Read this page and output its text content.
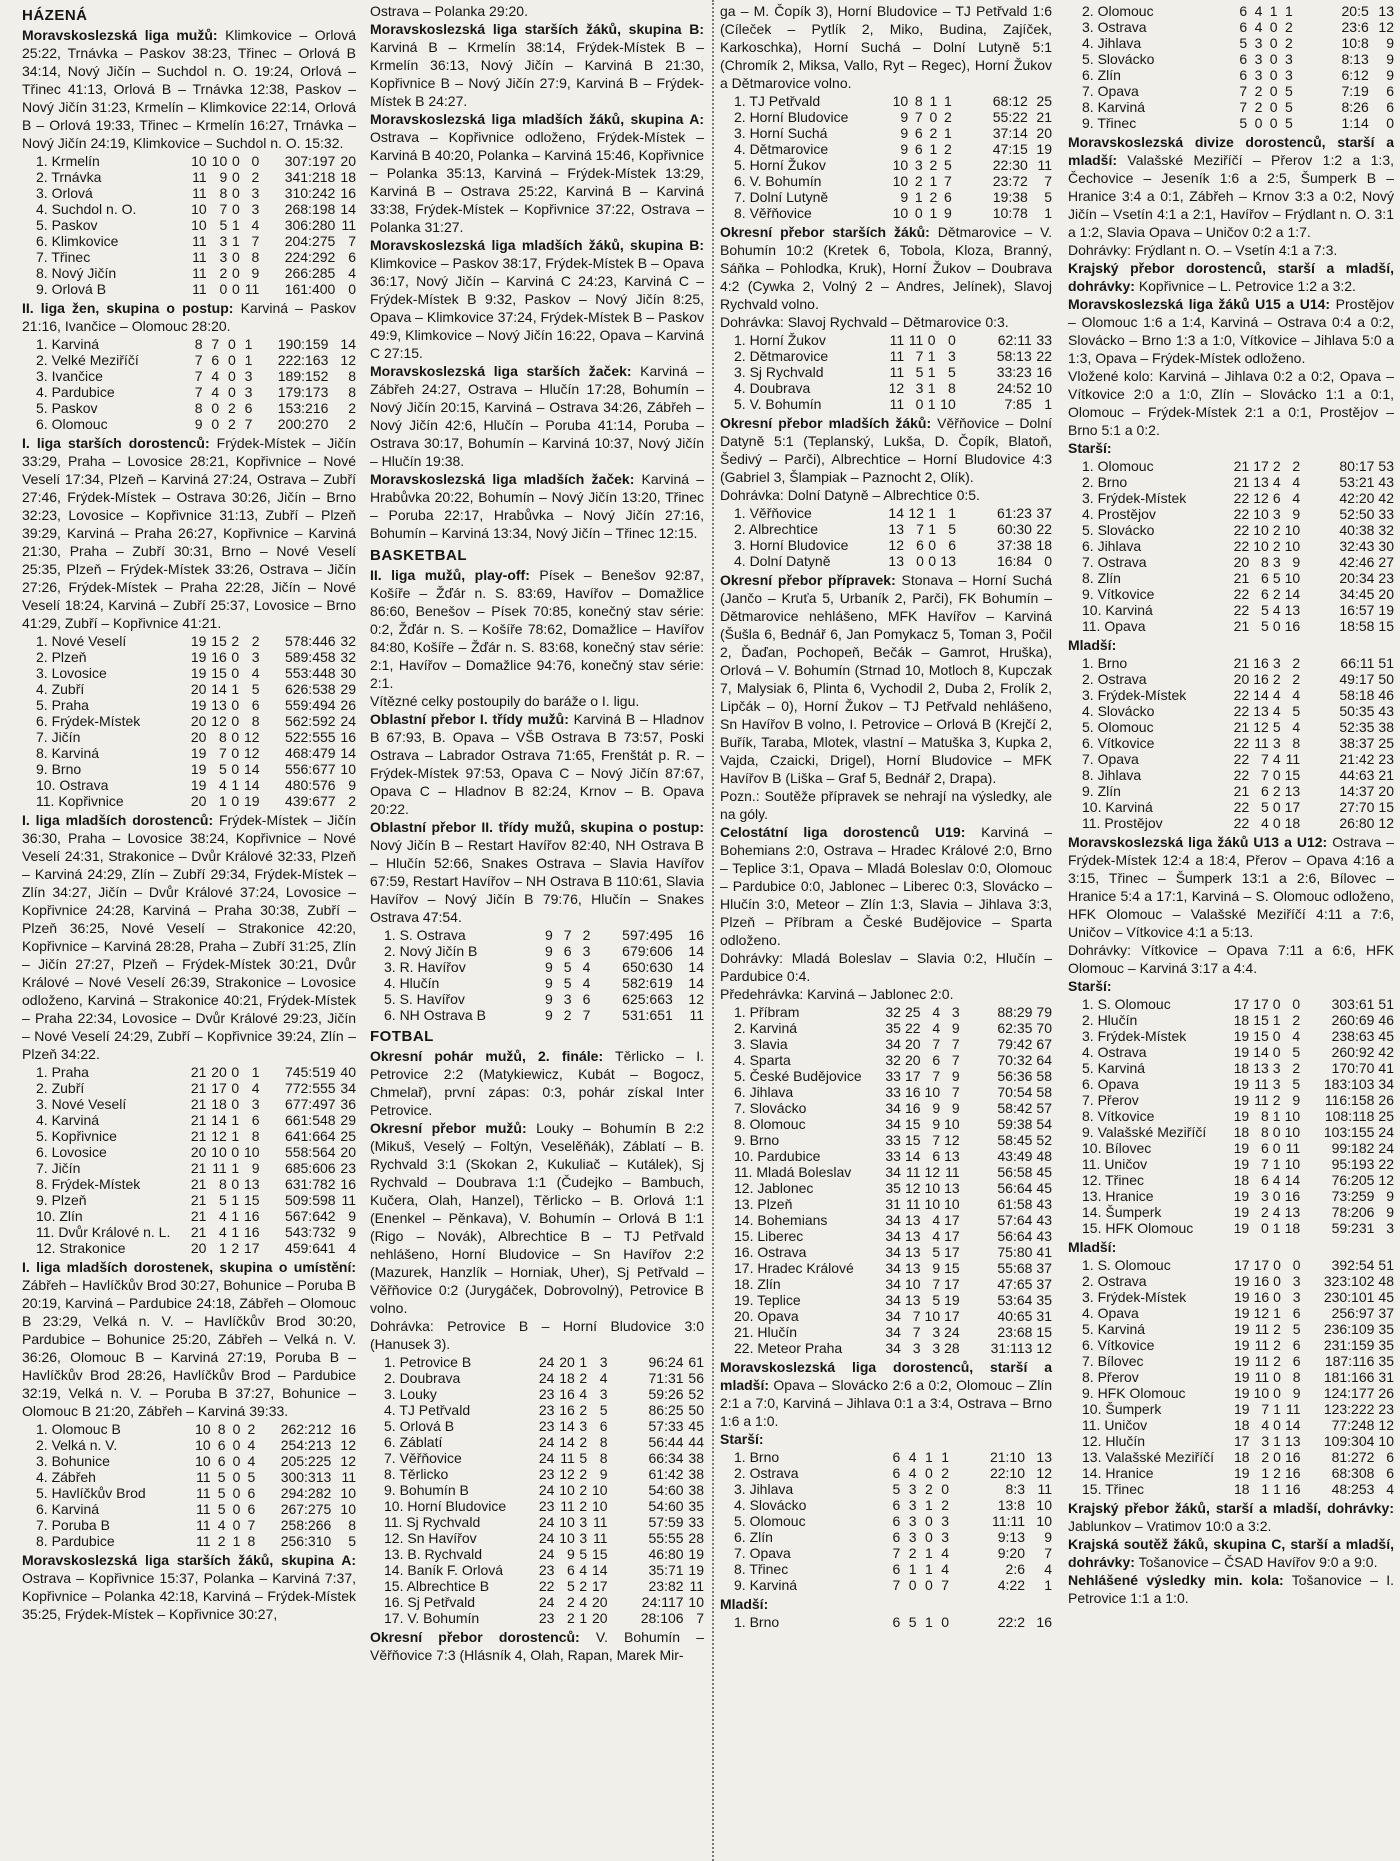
HÁZENÁ

Moravskoslezská liga mužů: Klimkovice – Orlová 25:22, Trnávka – Paskov 38:23, Třinec – Orlová B 34:14, Nový Jičín – Suchdol n. O. 19:24, Orlová – Třinec 41:13, Orlová B – Trnávka 12:38, Paskov – Nový Jičín 31:23, Krmelín – Klimkovice 22:14, Orlová B – Orlová 19:33, Třinec – Krmelín 16:27, Trnávka – Nový Jičín 24:19, Klimkovice – Suchdol n. O. 15:32.

1. Krmelín	10	10	0	0	307:197	20
2. Trnávka	11	9	0	2	341:218	18
3. Orlová	11	8	0	3	310:242	16
4. Suchdol n. O.	10	7	0	3	268:198	14
5. Paskov	10	5	1	4	306:280	11
6. Klimkovice	11	3	1	7	204:275	7
7. Třinec	11	3	0	8	224:292	6
8. Nový Jičín	11	2	0	9	266:285	4
9. Orlová B	11	0	0	11	161:400	0

II. liga žen, skupina o postup: Karviná – Paskov 21:16, Ivančice – Olomouc 28:20.

1. Karviná	8	7	0	1	190:159	14
2. Velké Meziříčí	7	6	0	1	222:163	12
3. Ivančice	7	4	0	3	189:152	8
4. Pardubice	7	4	0	3	179:173	8
5. Paskov	8	0	2	6	153:216	2
6. Olomouc	9	0	2	7	200:270	2

I. liga starších dorostenců: Frýdek-Místek – Jičín 33:29, Praha – Lovosice 28:21, Kopřivnice – Nové Veselí 17:34, Plzeň – Karviná 27:24, Ostrava – Zubří 27:46, Frýdek-Místek – Ostrava 30:26, Jičín – Brno 32:23, Lovosice – Kopřivnice 31:13, Zubří – Plzeň 39:29, Karviná – Praha 26:27, Kopřivnice – Karviná 21:30, Praha – Zubří 30:31, Brno – Nové Veselí 25:35, Plzeň – Frýdek-Místek 33:26, Ostrava – Jičín 27:26, Frýdek-Místek – Praha 22:28, Jičín – Nové Veselí 18:24, Karviná – Zubří 25:37, Lovosice – Brno 41:29, Zubří – Kopřivnice 41:21.

1. Nové Veselí	19	15	2	2	578:446	32
2. Plzeň	19	16	0	3	589:458	32
3. Lovosice	19	15	0	4	553:448	30
4. Zubří	20	14	1	5	626:538	29
5. Praha	19	13	0	6	559:494	26
6. Frýdek-Místek	20	12	0	8	562:592	24
7. Jičín	20	8	0	12	522:555	16
8. Karviná	19	7	0	12	468:479	14
9. Brno	19	5	0	14	556:677	10
10. Ostrava	19	4	1	14	480:576	9
11. Kopřivnice	20	1	0	19	439:677	2

I. liga mladších dorostenců: Frýdek-Místek – Jičín 36:30, Praha – Lovosice 38:24, Kopřivnice – Nové Veselí 24:31, Strakonice – Dvůr Králové 32:33, Plzeň – Karviná 24:29, Zlín – Zubří 29:34, Frýdek-Místek – Zlín 34:27, Jičín – Dvůr Králové 37:24, Lovosice – Kopřivnice 24:28, Karviná – Praha 30:38, Zubří – Plzeň 36:25, Nové Veselí – Strakonice 42:20, Kopřivnice – Karviná 28:28, Praha – Zubří 31:25, Zlín – Jičín 27:27, Plzeň – Frýdek-Místek 30:21, Dvůr Králové – Nové Veselí 26:39, Strakonice – Lovosice odloženo, Karviná – Strakonice 40:21, Frýdek-Místek – Praha 22:34, Lovosice – Dvůr Králové 29:23, Jičín – Nové Veselí 24:29, Zubří – Kopřivnice 39:24, Zlín – Plzeň 34:22.

1. Praha	21	20	0	1	745:519	40
2. Zubří	21	17	0	4	772:555	34
3. Nové Veselí	21	18	0	3	677:497	36
4. Karviná	21	14	1	6	661:548	29
5. Kopřivnice	21	12	1	8	641:664	25
6. Lovosice	20	10	0	10	558:564	20
7. Jičín	21	11	1	9	685:606	23
8. Frýdek-Místek	21	8	0	13	631:782	16
9. Plzeň	21	5	1	15	509:598	11
10. Zlín	21	4	1	16	567:642	9
11. Dvůr Králové n. L.	21	4	1	16	543:732	9
12. Strakonice	20	1	2	17	459:641	4

I. liga mladších dorostenek, skupina o umístění: Zábřeh – Havlíčkův Brod 30:27, Bohunice – Poruba B 20:19, Karviná – Pardubice 24:18, Zábřeh – Olomouc B 23:29, Velká n. V. – Havlíčkův Brod 30:20, Pardubice – Bohunice 25:20, Zábřeh – Velká n. V. 36:26, Olomouc B – Karviná 27:19, Poruba B – Havlíčkův Brod 28:26, Havlíčkův Brod – Pardubice 32:19, Velká n. V. – Poruba B 37:27, Bohunice – Olomouc B 21:20, Zábřeh – Karviná 39:33.

1. Olomouc B	10	8	0	2	262:212	16
2. Velká n. V.	10	6	0	4	254:213	12
3. Bohunice	10	6	0	4	205:225	12
4. Zábřeh	11	5	0	5	300:313	11
5. Havlíčkův Brod	11	5	0	6	294:282	10
6. Karviná	11	5	0	6	267:275	10
7. Poruba B	11	4	0	7	258:266	8
8. Pardubice	11	2	1	8	256:310	5

Moravskoslezská liga starších žáků, skupina A: Ostrava – Kopřivnice 15:37, Polanka – Karviná 7:37, Kopřivnice – Polanka 42:18, Karviná – Frýdek-Místek 35:25, Frýdek-Místek – Kopřivnice 30:27,

Ostrava – Polanka 29:20.

Moravskoslezská liga starších žáků, skupina B: Karviná B – Krmelín 38:14, Frýdek-Místek B – Krmelín 36:13, Nový Jičín – Karviná B 21:30, Kopřivnice B – Nový Jičín 27:9, Karviná B – Frýdek-Místek B 24:27.

Moravskoslezská liga mladších žáků, skupina A: Ostrava – Kopřivnice odloženo, Frýdek-Místek – Karviná B 40:20, Polanka – Karviná 15:46, Kopřivnice – Polanka 35:13, Karviná – Frýdek-Místek 13:29, Karviná B – Ostrava 25:22, Karviná B – Karviná 33:38, Frýdek-Místek – Kopřivnice 37:22, Ostrava – Polanka 31:27.

Moravskoslezská liga mladších žáků, skupina B: Klimkovice – Paskov 38:17, Frýdek-Místek B – Opava 36:17, Nový Jičín – Karviná C 24:23, Karviná C – Frýdek-Místek B 9:32, Paskov – Nový Jičín 8:25, Opava – Klimkovice 37:24, Frýdek-Místek B – Paskov 49:9, Klimkovice – Nový Jičín 16:22, Opava – Karviná C 27:15.

Moravskoslezská liga starších žaček: Karviná – Zábřeh 24:27, Ostrava – Hlučín 17:28, Bohumín – Nový Jičín 20:15, Karviná – Ostrava 34:26, Zábřeh – Nový Jičín 42:6, Hlučín – Poruba 41:14, Poruba – Ostrava 30:17, Bohumín – Karviná 10:37, Nový Jičín – Hlučín 19:38.

Moravskoslezská liga mladších žaček: Karviná – Hrabůvka 20:22, Bohumín – Nový Jičín 13:20, Třinec – Poruba 22:17, Hrabůvka – Nový Jičín 27:16, Bohumín – Karviná 13:34, Nový Jičín – Třinec 12:15.

BASKETBAL

II. liga mužů, play-off: Písek – Benešov 92:87, Košíře – Žďár n. S. 83:69, Havířov – Domažlice 86:60, Benešov – Písek 70:85, konečný stav série: 0:2, Žďár n. S. – Košíře 78:62, Domažlice – Havířov 84:80, Košíře – Žďár n. S. 83:68, konečný stav série: 2:1, Havířov – Domažlice 94:76, konečný stav série: 2:1.

Vítězné celky postoupily do baráže o I. ligu.

Oblastní přebor I. třídy mužů: Karviná B – Hladnov B 67:93, B. Opava – VŠB Ostrava B 73:57, Poski Ostrava – Labrador Ostrava 71:65, Frenštát p. R. – Frýdek-Místek 97:53, Opava C – Nový Jičín 87:67, Opava C – Hladnov B 82:24, Krnov – B. Opava 20:22.

Oblastní přebor II. třídy mužů, skupina o postup: Nový Jičín B – Restart Havířov 82:40, NH Ostrava B – Hlučín 52:66, Snakes Ostrava – Slavia Havířov 67:59, Restart Havířov – NH Ostrava B 110:61, Slavia Havířov – Nový Jičín B 79:76, Hlučín – Snakes Ostrava 47:54.

1. S. Ostrava	9	7	2		597:495	16
2. Nový Jičín B	9	6	3		679:606	14
3. R. Havířov	9	5	4		650:630	14
4. Hlučín	9	5	4		582:619	14
5. S. Havířov	9	3	6		625:663	12
6. NH Ostrava B	9	2	7		531:651	11
FOTBAL

Okresní pohár mužů, 2. finále: Těrlicko – I. Petrovice 2:2 (Matykiewicz, Kubát – Bogocz, Chmelař), první zápas: 0:3, pohár získal Inter Petrovice.

Okresní přebor mužů: Louky – Bohumín B 2:2 (Mikuš, Veselý – Foltýn, Veselěňák), Záblatí – B. Rychvald 3:1 (Skokan 2, Kukuliač – Kutálek), Sj Rychvald – Doubrava 1:1 (Čudejko – Bambuch, Kučera, Olah, Hanzel), Těrlicko – B. Orlová 1:1 (Enenkel – Pěnkava), V. Bohumín – Orlová B 1:1 (Rigo – Novák), Albrechtice B – TJ Petřvald nehlášeno, Horní Bludovice – Sn Havířov 2:2 (Mazurek, Hanzlík – Horniak, Uher), Sj Petřvald – Věřňovice 0:2 (Jurygáček, Dobrovolný), Petrovice B volno.

Dohrávka: Petrovice B – Horní Bludovice 3:0 (Hanusek 3).

1. Petrovice B	24	20	1	3	96:24	61
2. Doubrava	24	18	2	4	71:31	56
3. Louky	23	16	4	3	59:26	52
4. TJ Petřvald	23	16	2	5	86:25	50
5. Orlová B	23	14	3	6	57:33	45
6. Záblatí	24	14	2	8	56:44	44
7. Věřňovice	24	11	5	8	66:34	38
8. Těrlicko	23	12	2	9	61:42	38
9. Bohumín B	24	10	2	10	54:60	38
10. Horní Bludovice	23	11	2	10	54:60	35
11. Sj Rychvald	24	10	3	11	57:59	33
12. Sn Havířov	24	10	3	11	55:55	28
13. B. Rychvald	24	9	5	15	46:80	19
14. Baník F. Orlová	23	6	4	14	35:71	19
15. Albrechtice B	22	5	2	17	23:82	11
16. Sj Petřvald	24	2	4	20	24:117	10
17. V. Bohumín	23	2	1	20	28:106	7

Okresní přebor dorostenců: V. Bohumín – Věřňovice 7:3 (Hlásník 4, Olah, Rapan, Marek Mir-

ga – M. Čopík 3), Horní Bludovice – TJ Petřvald 1:6 (Cíleček – Pytlík 2, Miko, Budina, Zajíček, Karkoschka), Horní Suchá – Dolní Lutyně 5:1 (Chromík 2, Miksa, Vallo, Ryt – Regec), Horní Žukov a Dětmarovice volno.

1. TJ Petřvald	10	8	1	1	68:12	25
2. Horní Bludovice	9	7	0	2	55:22	21
3. Horní Suchá	9	6	2	1	37:14	20
4. Dětmarovice	9	6	1	2	47:15	19
5. Horní Žukov	10	3	2	5	22:30	11
6. V. Bohumín	10	2	1	7	23:72	7
7. Dolní Lutyně	9	1	2	6	19:38	5
8. Věřňovice	10	0	1	9	10:78	1

Okresní přebor starších žáků: Dětmarovice – V. Bohumín 10:2 (Kretek 6, Tobola, Kloza, Branný, Sáňka – Pohlodka, Kruk), Horní Žukov – Doubrava 4:2 (Cywka 2, Volný 2 – Andres, Jelínek), Slavoj Rychvald volno.

Dohrávka: Slavoj Rychvald – Dětmarovice 0:3.

1. Horní Žukov	11	11	0	0	62:11	33
2. Dětmarovice	11	7	1	3	58:13	22
3. Sj Rychvald	11	5	1	5	33:23	16
4. Doubrava	12	3	1	8	24:52	10
5. V. Bohumín	11	0	1	10	7:85	1

Okresní přebor mladších žáků: Věřňovice – Dolní Datyně 5:1 (Teplanský, Lukša, D. Čopík, Blatoň, Šedivý – Parči), Albrechtice – Horní Bludovice 4:3 (Gabriel 3, Šlampiak – Paznocht 2, Olík).

Dohrávka: Dolní Datyně – Albrechtice 0:5.

1. Věřňovice	14	12	1	1	61:23	37
2. Albrechtice	13	7	1	5	60:30	22
3. Horní Bludovice	12	6	0	6	37:38	18
4. Dolní Datyně	13	0	0	13	16:84	0

Okresní přebor přípravek: Stonava – Horní Suchá (Jančo – Kruťa 5, Urbaník 2, Parči), FK Bohumín – Dětmarovice nehlášeno, MFK Havířov – Karviná (Šušla 6, Bednář 6, Jan Pomykacz 5, Toman 3, Počil 2, Ďaďan, Pochopeň, Bečák – Gamrot, Hruška), Orlová – V. Bohumín (Strnad 10, Motloch 8, Kupczak 7, Malysiak 6, Plinta 6, Vychodil 2, Duba 2, Frolík 2, Lipčák – 0), Horní Žukov – TJ Petřvald nehlášeno, Sn Havířov B volno, I. Petrovice – Orlová B (Krejčí 2, Buřík, Taraba, Mlotek, vlastní – Matuška 3, Kupka 2, Vajda, Czaicki, Drigel), Horní Bludovice – MFK Havířov B (Liška – Graf 5, Bednář 2, Drapa).

Pozn.: Soutěže přípravek se nehrají na výsledky, ale na góly.

Celostátní liga dorostenců U19: Karviná – Bohemians 2:0, Ostrava – Hradec Králové 2:0, Brno – Teplice 3:1, Opava – Mladá Boleslav 0:0, Olomouc – Pardubice 0:0, Jablonec – Liberec 0:3, Slovácko – Hlučín 3:0, Meteor – Zlín 1:3, Slavia – Jihlava 3:3, Plzeň – Příbram a České Budějovice – Sparta odloženo.

Dohrávky: Mladá Boleslav – Slavia 0:2, Hlučín – Pardubice 0:4.

Předehrávka: Karviná – Jablonec 2:0.

1. Příbram	32	25	4	3	88:29	79
2. Karviná	35	22	4	9	62:35	70
3. Slavia	34	20	7	7	79:42	67
4. Sparta	32	20	6	7	70:32	64
5. České Budějovice	33	17	7	9	56:36	58
6. Jihlava	33	16	10	7	70:54	58
7. Slovácko	34	16	9	9	58:42	57
8. Olomouc	34	15	9	10	59:38	54
9. Brno	33	15	7	12	58:45	52
10. Pardubice	33	14	6	13	43:49	48
11. Mladá Boleslav	34	11	12	11	56:58	45
12. Jablonec	35	12	10	13	56:64	45
13. Plzeň	31	11	10	10	61:58	43
14. Bohemians	34	13	4	17	57:64	43
15. Liberec	34	13	4	17	56:64	43
16. Ostrava	34	13	5	17	75:80	41
17. Hradec Králové	34	13	9	15	55:68	37
18. Zlín	34	10	7	17	47:65	37
19. Teplice	34	13	5	19	53:64	35
20. Opava	34	7	10	17	40:65	31
21. Hlučín	34	7	3	24	23:68	15
22. Meteor Praha	34	3	3	28	31:113	12

Moravskoslezská liga dorostenců, starší a mladší: Opava – Slovácko 2:6 a 0:2, Olomouc – Zlín 2:1 a 7:0, Karviná – Jihlava 0:1 a 3:4, Ostrava – Brno 1:6 a 1:0.

Starší:
1. Brno	6	4	1	1	21:10	13
2. Ostrava	6	4	0	2	22:10	12
3. Jihlava	5	3	2	0	8:3	11
4. Slovácko	6	3	1	2	13:8	10
5. Olomouc	6	3	0	3	11:11	10
6. Zlín	6	3	0	3	9:13	9
7. Opava	7	2	1	4	9:20	7
8. Třinec	6	1	1	4	2:6	4
9. Karviná	7	0	0	7	4:22	1
Mladší:
1. Brno	6	5	1	0	22:2	16
2. Olomouc	6	4	1	1	20:5	13
3. Ostrava	6	4	0	2	23:6	12
4. Jihlava	5	3	0	2	10:8	9
5. Slovácko	6	3	0	3	8:13	9
6. Zlín	6	3	0	3	6:12	9
7. Opava	7	2	0	5	7:19	6
8. Karviná	7	2	0	5	8:26	6
9. Třinec	5	0	0	5	1:14	0

Moravskoslezská divize dorostenců, starší a mladší: Valašské Meziříčí – Přerov 1:2 a 1:3, Čechovice – Jeseník 1:6 a 2:5, Šumperk B – Hranice 3:4 a 0:1, Zábřeh – Krnov 3:3 a 0:2, Nový Jičín – Vsetín 4:1 a 2:1, Havířov – Frýdlant n. O. 3:1 a 1:2, Slavia Opava – Uničov 0:2 a 1:7.

Dohrávky: Frýdlant n. O. – Vsetín 4:1 a 7:3.

Krajský přebor dorostenců, starší a mladší, dohrávky: Kopřivnice – L. Petrovice 1:2 a 3:2.

Moravskoslezská liga žáků U15 a U14: Prostějov – Olomouc 1:6 a 1:4, Karviná – Ostrava 0:4 a 0:2, Slovácko – Brno 1:3 a 1:0, Vítkovice – Jihlava 5:0 a 1:3, Opava – Frýdek-Místek odloženo.

Vložené kolo: Karviná – Jihlava 0:2 a 0:2, Opava – Vítkovice 2:0 a 1:0, Zlín – Slovácko 1:1 a 0:1, Olomouc – Frýdek-Místek 2:1 a 0:1, Prostějov – Brno 5:1 a 0:2.

Starší:
1. Olomouc	21	17	2	2	80:17	53
2. Brno	21	13	4	4	53:21	43
3. Frýdek-Místek	22	12	6	4	42:20	42
4. Prostějov	22	10	3	9	52:50	33
5. Slovácko	22	10	2	10	40:38	32
6. Jihlava	22	10	2	10	32:43	30
7. Ostrava	20	8	3	9	42:46	27
8. Zlín	21	6	5	10	20:34	23
9. Vítkovice	22	6	2	14	34:45	20
10. Karviná	22	5	4	13	16:57	19
11. Opava	21	5	0	16	18:58	15
Mladší:
1. Brno	21	16	3	2	66:11	51
2. Ostrava	20	16	2	2	49:17	50
3. Frýdek-Místek	22	14	4	4	58:18	46
4. Slovácko	22	13	4	5	50:35	43
5. Olomouc	21	12	5	4	52:35	38
6. Vítkovice	22	11	3	8	38:37	25
7. Opava	22	7	4	11	21:42	23
8. Jihlava	22	7	0	15	44:63	21
9. Zlín	21	6	2	13	14:37	20
10. Karviná	22	5	0	17	27:70	15
11. Prostějov	22	4	0	18	26:80	12

Moravskoslezská liga žáků U13 a U12: Ostrava – Frýdek-Místek 12:4 a 18:4, Přerov – Opava 4:16 a 3:15, Třinec – Šumperk 13:1 a 2:6, Bílovec – Hranice 5:4 a 17:1, Karviná – S. Olomouc odloženo, HFK Olomouc – Valašské Meziříčí 4:11 a 7:6, Uničov – Vítkovice 4:1 a 5:13.

Dohrávky: Vítkovice – Opava 7:11 a 6:6, HFK Olomouc – Karviná 3:17 a 4:4.

Starší:
1. S. Olomouc	17	17	0	0	303:61	51
2. Hlučín	18	15	1	2	260:69	46
3. Frýdek-Místek	19	15	0	4	238:63	45
4. Ostrava	19	14	0	5	260:92	42
5. Karviná	18	13	3	2	170:70	41
6. Opava	19	11	3	5	183:103	34
7. Přerov	19	11	2	9	116:158	26
8. Vítkovice	19	8	1	10	108:118	25
9. Valašské Meziříčí	18	8	0	10	103:155	24
10. Bílovec	19	6	0	11	99:182	24
11. Uničov	19	7	1	10	95:193	22
12. Třinec	18	6	4	14	76:205	12
13. Hranice	19	3	0	16	73:259	9
14. Šumperk	19	2	4	13	78:206	9
15. HFK Olomouc	19	0	1	18	59:231	3
Mladší:
1. S. Olomouc	17	17	0	0	392:54	51
2. Ostrava	19	16	0	3	323:102	48
3. Frýdek-Místek	19	16	0	3	230:101	45
4. Opava	19	12	1	6	256:97	37
5. Karviná	19	11	2	5	236:109	35
6. Vítkovice	19	11	2	6	231:159	35
7. Bílovec	19	11	2	6	187:116	35
8. Přerov	19	11	0	8	181:166	31
9. HFK Olomouc	19	10	0	9	124:177	26
10. Šumperk	19	7	1	11	123:222	23
11. Uničov	18	4	0	14	77:248	12
12. Hlučín	17	3	1	13	109:304	10
13. Valašské Meziříčí	18	2	0	16	81:272	6
14. Hranice	19	1	2	16	68:308	6
15. Třinec	18	1	1	16	48:253	4

Krajský přebor žáků, starší a mladší, dohrávky: Jablunkov – Vratimov 10:0 a 3:2.

Krajská soutěž žáků, skupina C, starší a mladší, dohrávky: Tošanovice – ČSAD Havířov 9:0 a 9:0.

Nehlášené výsledky min. kola: Tošanovice – I. Petrovice 1:1 a 1:0.
